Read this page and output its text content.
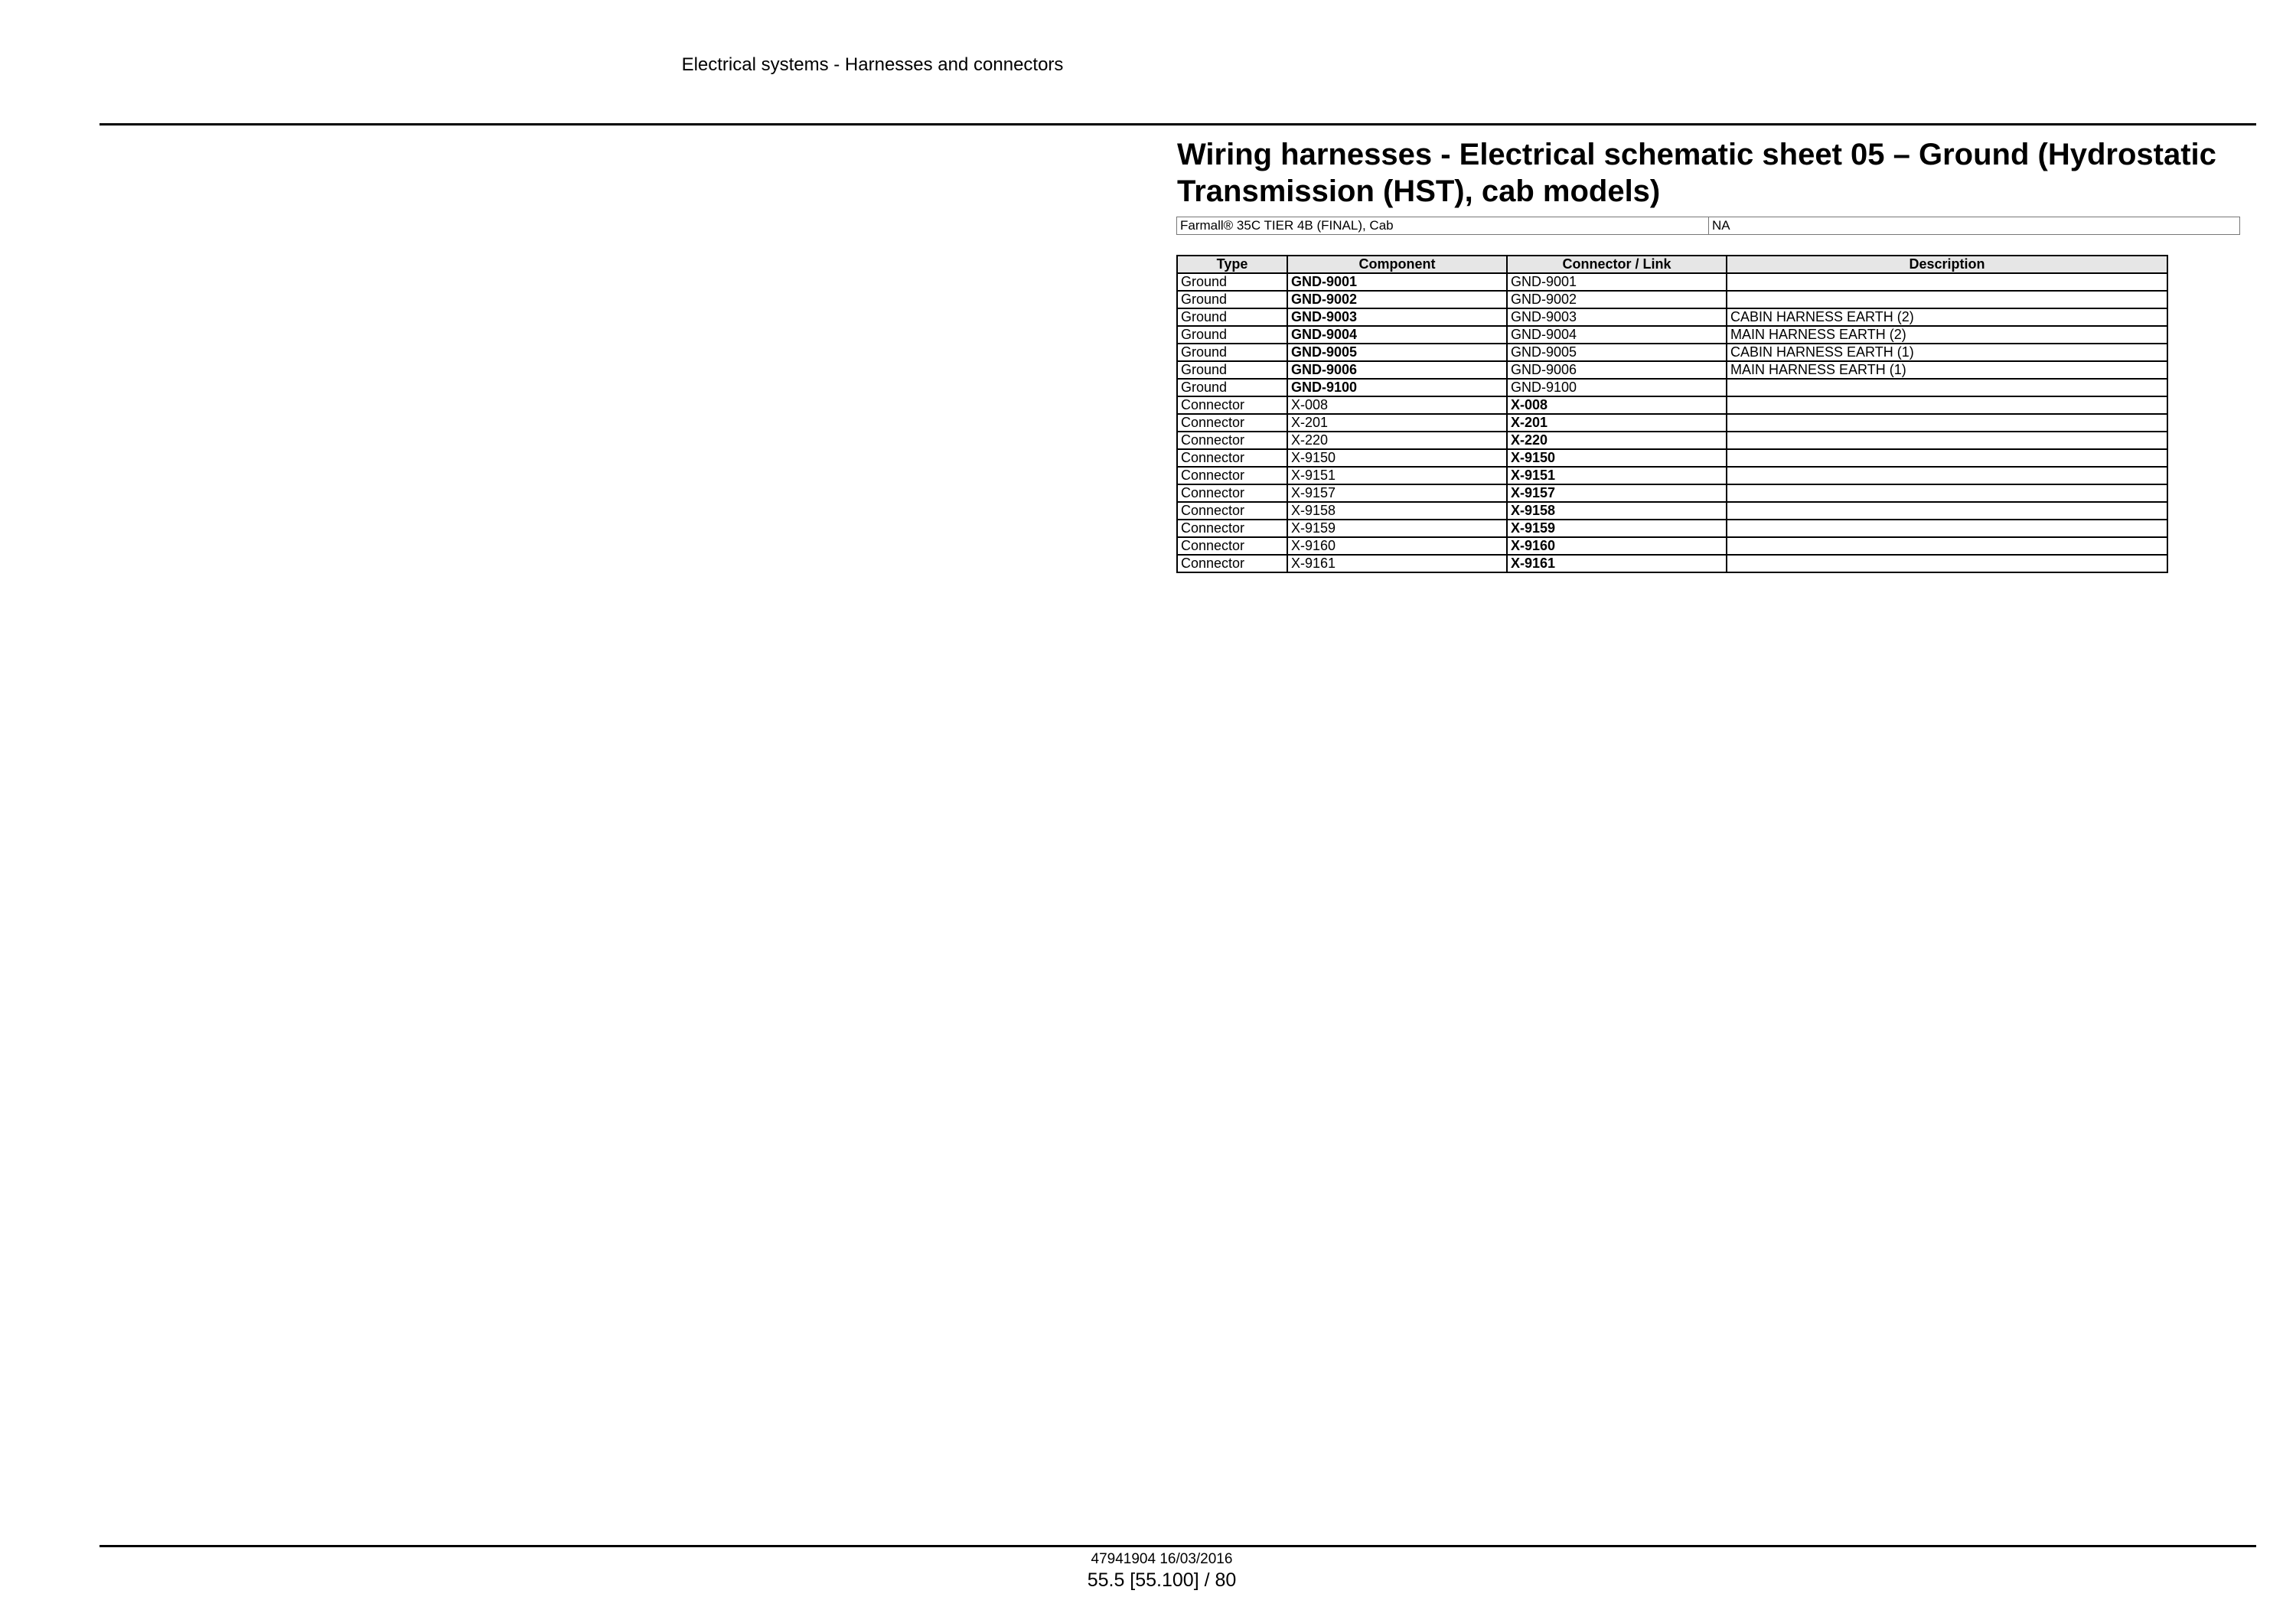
Electrical systems - Harnesses and connectors
Wiring harnesses - Electrical schematic sheet 05 – Ground (Hydrostatic Transmission (HST), cab models)
Farmall® 35C TIER 4B (FINAL), Cab	NA
Type	Component	Connector / Link	Description
Ground	GND-9001	GND-9001	
Ground	GND-9002	GND-9002	
Ground	GND-9003	GND-9003	CABIN HARNESS EARTH (2)
Ground	GND-9004	GND-9004	MAIN HARNESS EARTH (2)
Ground	GND-9005	GND-9005	CABIN HARNESS EARTH (1)
Ground	GND-9006	GND-9006	MAIN HARNESS EARTH (1)
Ground	GND-9100	GND-9100	
Connector	X-008	X-008	
Connector	X-201	X-201	
Connector	X-220	X-220	
Connector	X-9150	X-9150	
Connector	X-9151	X-9151	
Connector	X-9157	X-9157	
Connector	X-9158	X-9158	
Connector	X-9159	X-9159	
Connector	X-9160	X-9160	
Connector	X-9161	X-9161	
47941904 16/03/2016
55.5 [55.100] / 80
